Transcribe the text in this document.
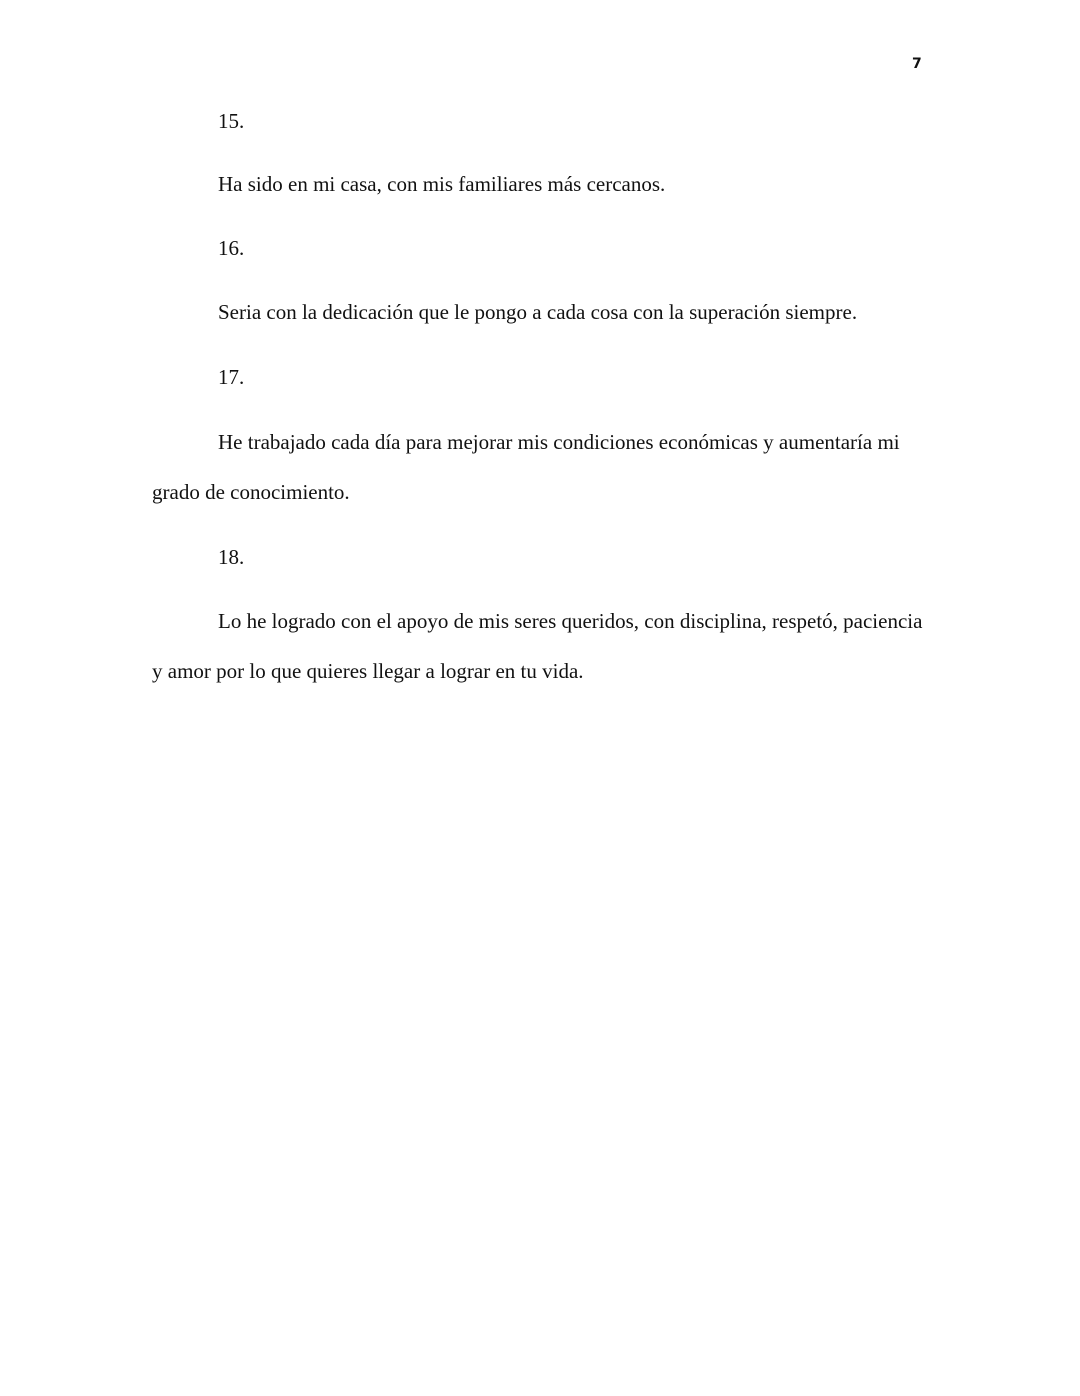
7

15.

Ha sido en mi casa, con mis familiares más cercanos.

16.

Seria con la dedicación que le pongo a cada cosa con la superación siempre.

17.

He trabajado cada día para mejorar mis condiciones económicas y aumentaría mi grado de conocimiento.

18.

Lo he logrado con el apoyo de mis seres queridos, con disciplina, respetó, paciencia y amor por lo que quieres llegar a lograr en tu vida.
